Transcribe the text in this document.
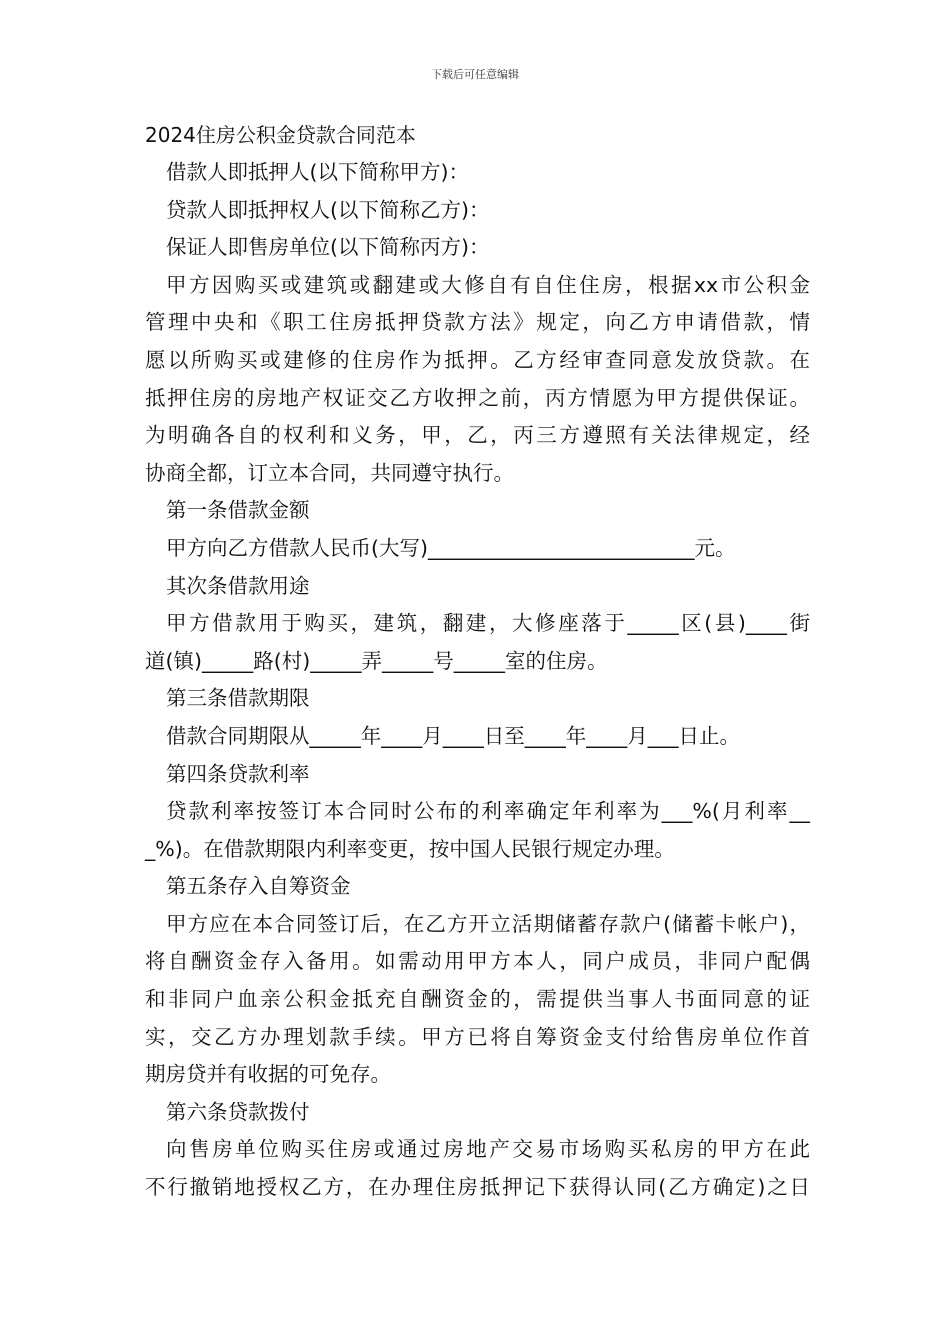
下载后可任意编辑
2024住房公积金贷款合同范本
借款人即抵押人(以下简称甲方)：
贷款人即抵押权人(以下简称乙方)：
保证人即售房单位(以下简称丙方)：
甲方因购买或建筑或翻建或大修自有自住住房，根据xx市公积金
管理中央和《职工住房抵押贷款方法》规定，向乙方申请借款，情
愿以所购买或建修的住房作为抵押。乙方经审查同意发放贷款。在
抵押住房的房地产权证交乙方收押之前，丙方情愿为甲方提供保证。
为明确各自的权利和义务，甲，乙，丙三方遵照有关法律规定，经
协商全都，订立本合同，共同遵守执行。
第一条借款金额
甲方向乙方借款人民币(大写)__________________________元。
其次条借款用途
甲方借款用于购买，建筑，翻建，大修座落于_____区(县)____街
道(镇)_____路(村)_____弄_____号_____室的住房。
第三条借款期限
借款合同期限从_____年____月____日至____年____月___日止。
第四条贷款利率
贷款利率按签订本合同时公布的利率确定年利率为___%(月利率__
_%)。在借款期限内利率变更，按中国人民银行规定办理。
第五条存入自筹资金
甲方应在本合同签订后，在乙方开立活期储蓄存款户(储蓄卡帐户)，
将自酬资金存入备用。如需动用甲方本人，同户成员，非同户配偶
和非同户血亲公积金抵充自酬资金的，需提供当事人书面同意的证
实，交乙方办理划款手续。甲方已将自筹资金支付给售房单位作首
期房贷并有收据的可免存。
第六条贷款拨付
向售房单位购买住房或通过房地产交易市场购买私房的甲方在此
不行撤销地授权乙方，在办理住房抵押记下获得认同(乙方确定)之日
